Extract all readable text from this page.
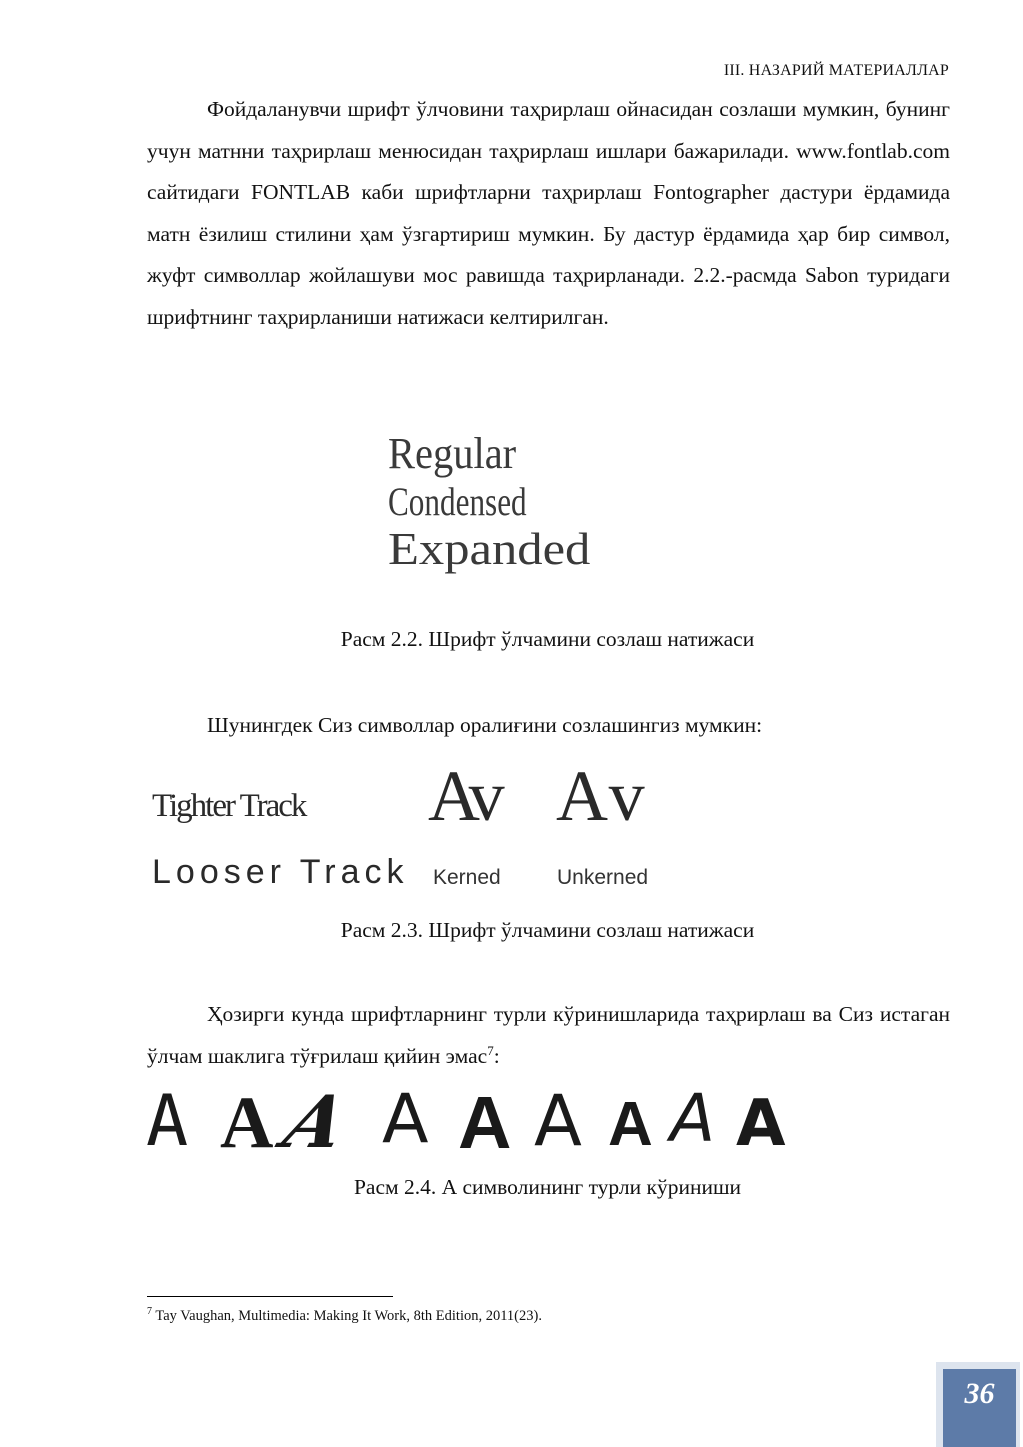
III. НАЗАРИЙ МАТЕРИАЛЛАР
Фойдаланувчи шрифт ўлчовини таҳрирлаш ойнасидан созлаши мумкин, бунинг учун матнни таҳрирлаш менюсидан таҳрирлаш ишлари бажарилади. www.fontlab.com сайтидаги FONTLAB каби шрифтларни таҳрирлаш Fontographer дастури ёрдамида матн ёзилиш стилини ҳам ўзгартириш мумкин. Бу дастур ёрдамида ҳар бир символ, жуфт символлар жойлашуви мос равишда таҳрирланади. 2.2.-расмда Sabon туридаги шрифтнинг таҳрирланиши натижаси келтирилган.
Regular
Condensed
Expanded
Расм 2.2. Шрифт ўлчамини созлаш натижаси
Шунингдек Сиз символлар оралиғини созлашингиз мумкин:
Tighter Track
Looser Track
Av Av
Kerned	Unkerned
Расм 2.3. Шрифт ўлчамини созлаш натижаси
Ҳозирги кунда шрифтларнинг турли кўринишларида таҳрирлаш ва Сиз истаган ўлчам шаклига тўғрилаш қийин эмас$^7$:
A A A A A A A A A
Расм 2.4. А символининг турли кўриниши
$^7$ Tay Vaughan, Multimedia: Making It Work, 8th Edition, 2011(23).
36
